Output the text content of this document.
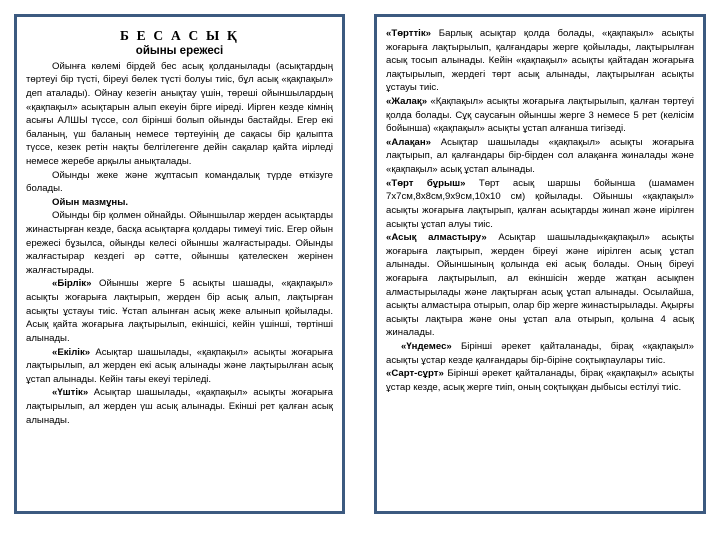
Б Е С А С Ы Қ
ойыны ережесі

Ойынға көлемі бірдей бес асық қолданылады (асықтардың төртеуі бір түсті, біреуі бөлек түсті болуы тиіс, бұл асық «қақпақыл» деп аталады). Ойнау кезегін анықтау үшін, төреші ойыншылардың «қақпақыл» асықтарын алып екеуін бірге иіреді. Иірген кезде кімнің асығы АЛШЫ түссе, сол бірінші болып ойынды бастайды. Егер екі баланың, үш баланың немесе төртеуінің де сақасы бір қалыпта түссе, кезек ретін нақты белгілегенге дейін сақалар қайта иірледі немесе жеребе арқылы анықталады.

Ойынды жеке және жұптасып командалық түрде өткізуге болады.

Ойын мазмұны.

Ойынды бір қолмен ойнайды. Ойыншылар жерден асықтарды жинастырған кезде, басқа асықтарға қолдары тимеуі тиіс. Егер ойын ережесі бұзылса, ойынды келесі ойыншы жалғастырады. Ойынды жалғастырар кездегі әр сәтте, ойыншы қателескен жерінен жалғастырады.

«Бірлік» Ойыншы жерге 5 асықты шашады, «қақпақыл» асықты жоғарыға лақтырып, жерден бір асық алып, лақтырған асықты ұстауы тиіс. Ұстап алынған асық жеке алынып қойылады. Асық қайта жоғарыға лақтырылып, екіншісі, кейін үшінші, төртінші алынады.

«Екілік» Асықтар шашылады, «қақпақыл» асықты жоғарыға лақтырылып, ал жерден екі асық алынады және лақтырылған асық ұстап алынады. Кейін тағы екеуі теріледі.

«Үштік» Асықтар шашылады, «қақпақыл» асықты жоғарыға лақтырылып, ал жерден үш асық алынады. Екінші рет қалған асық алынады.

«Төрттік» Барлық асықтар қолда болады, «қақпақыл» асықты жоғарыға лақтырылып, қалғандары жерге қойылады, лақтырылған асық тосып алынады. Кейін «қақпақыл» асықты қайтадан жоғарыға лақтырылып, жердегі төрт асық алынады, лақтырылған асықты ұстауы тиіс.

«Жалақ» «Қақпақыл» асықты жоғарыға лақтырылып, қалған төртеуі қолда болады. Сұқ саусағын ойыншы жерге 3 немесе 5 рет (келісім бойынша) «қақпақыл» асықты ұстап алғанша тигізеді.

«Алақан» Асықтар шашылады «қақпақыл» асықты жоғарыға лақтырып, ал қалғандары бір-бірден сол алақанға жиналады және «қақпақыл» асық ұстап алынады.

«Төрт бұрыш» Төрт асық шаршы бойынша (шамамен 7х7см,8х8см,9х9см,10х10 см) қойылады. Ойыншы «қақпақыл» асықты жоғарыға лақтырып, қалған асықтарды жинап және иірілген асықты ұстап алуы тиіс.

«Асық алмастыру» Асықтар шашылады«қақпақыл» асықты жоғарыға лақтырып, жерден біреуі және иірілген асық ұстап алынады. Ойыншының қолында екі асық болады. Оның біреуі жоғарыға лақтырылып, ал екіншісін жерде жатқан асықпен алмастырылады және лақтырған асық ұстап алынады. Осылайша, асықты алмастыра отырып, олар бір жерге жинастырылады. Ақырғы асықты лақтыра және оны ұстап ала отырып, қолына 4 асық жиналады.

«Үндемес» Бірінші әрекет қайталанады, бірақ «қақпақыл» асықты ұстар кезде қалғандары бір-біріне соқтықпаулары тиіс.

«Сарт-сұрт» Бірінші әрекет қайталанады, бірақ «қақпақыл» асықты ұстар кезде, асық жерге тиіп, оның соқтыққан дыбысы естілуі тиіс.
